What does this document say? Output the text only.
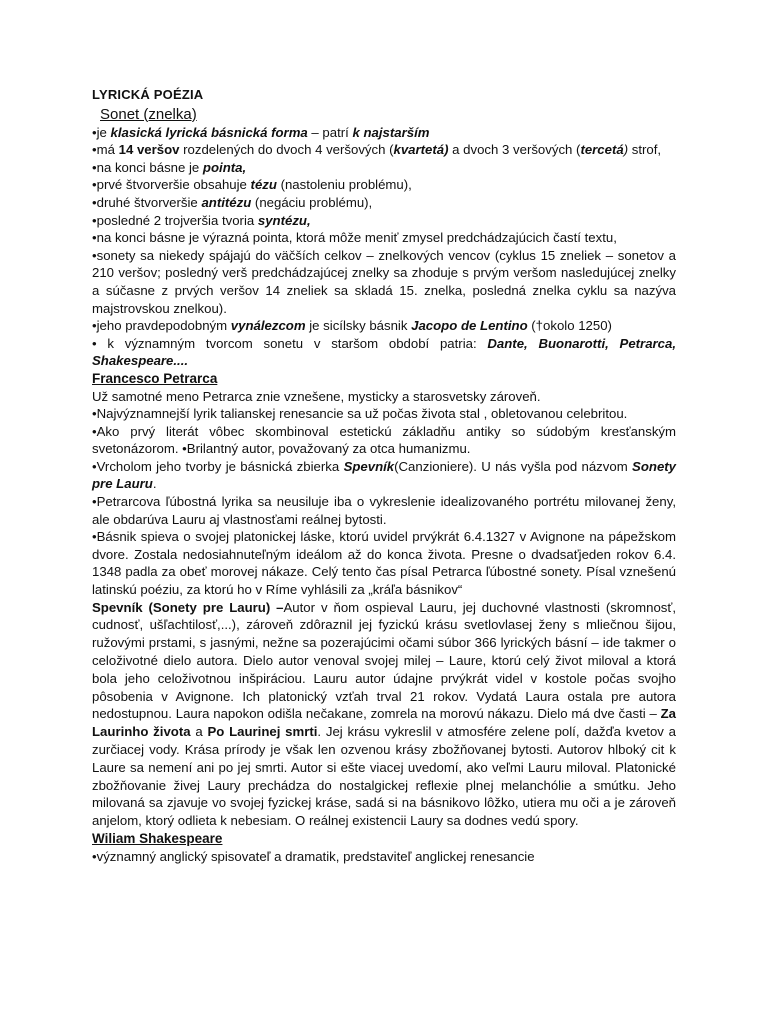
LYRICKÁ POÉZIA

Sonet (znelka)

•je klasická lyrická básnická forma – patrí k najstarším

•má 14 veršov rozdelených do dvoch 4 veršových (kvartetá) a dvoch 3 veršových (tercetá) strof,

•na konci básne je pointa,

•prvé štvorveršie obsahuje tézu (nastoleniu problému),

•druhé štvorveršie antitézu (negáciu problému),

•posledné 2 trojveršia tvoria syntézu,

•na konci básne je výrazná pointa, ktorá môže meniť zmysel predchádzajúcich častí textu,

•sonety sa niekedy spájajú do väčších celkov – znelkových vencov (cyklus 15 zneliek – sonetov a 210 veršov; posledný verš predchádzajúcej znelky sa zhoduje s prvým veršom nasledujúcej znelky a súčasne z prvých veršov 14 zneliek sa skladá 15. znelka, posledná znelka cyklu sa nazýva majstrovskou znelkou).

•jeho pravdepodobným vynálezcom je sicílsky básnik Jacopo de Lentino (†okolo 1250)

• k významným tvorcom sonetu v staršom období patria: Dante, Buonarotti, Petrarca, Shakespeare....

Francesco Petrarca

Už samotné meno Petrarca znie vznešene, mysticky a starosvetsky zároveň.

•Najvýznamnejší lyrik talianskej renesancie sa už počas života stal , obletovanou celebritou.

•Ako prvý literát vôbec skombinoval estetickú základňu antiky so súdobým kresťanským svetonázorom. •Brilantný autor, považovaný za otca humanizmu.

•Vrcholom jeho tvorby je básnická zbierka Spevník(Canzioniere). U nás vyšla pod názvom Sonety pre Lauru.

•Petrarcova ľúbostná lyrika sa neusiluje iba o vykreslenie idealizovaného portrétu milovanej ženy, ale obdarúva Lauru aj vlastnosťami reálnej bytosti.

•Básnik spieva o svojej platonickej láske, ktorú uvidel prvýkrát 6.4.1327 v Avignone na pápežskom dvore. Zostala nedosiahnuteľným ideálom až do konca života. Presne o dvadsaťjeden rokov 6.4. 1348 padla za obeť morovej nákaze. Celý tento čas písal Petrarca ľúbostné sonety. Písal vznešenú latinskú poéziu, za ktorú ho v Ríme vyhlásili za „kráľa básnikov“

Spevník (Sonety pre Lauru) –Autor v ňom ospieval Lauru, jej duchovné vlastnosti (skromnosť, cudnosť, ušľachtilosť,...), zároveň zdôraznil jej fyzickú krásu svetlovlasej ženy s mliečnou šijou, ružovými prstami, s jasnými, nežne sa pozerajúcimi očami súbor 366 lyrických básní – ide takmer o celoživotné dielo autora. Dielo autor venoval svojej milej – Laure, ktorú celý život miloval a ktorá bola jeho celoživotnou inšpiráciou. Lauru autor údajne prvýkrát videl v kostole počas svojho pôsobenia v Avignone. Ich platonický vzťah trval 21 rokov. Vydatá Laura ostala pre autora nedostupnou. Laura napokon odišla nečakane, zomrela na morovú nákazu. Dielo má dve časti – Za Laurinho života a Po Laurinej smrti. Jej krásu vykreslil v atmosfére zelene polí, dažďa kvetov a zurčiacej vody. Krása prírody je však len ozvenou krásy zbožňovanej bytosti. Autorov hlboký cit k Laure sa nemení ani po jej smrti. Autor si ešte viacej uvedomí, ako veľmi Lauru miloval. Platonické zbožňovanie živej Laury prechádza do nostalgickej reflexie plnej melanchólie a smútku. Jeho milovaná sa zjavuje vo svojej fyzickej kráse, sadá si na básnikovo lôžko, utiera mu oči a je zároveň anjelom, ktorý odlieta k nebesiam. O reálnej existencii Laury sa dodnes vedú spory.

Wiliam Shakespeare

•významný anglický spisovateľ a dramatik, predstaviteľ anglickej renesancie
